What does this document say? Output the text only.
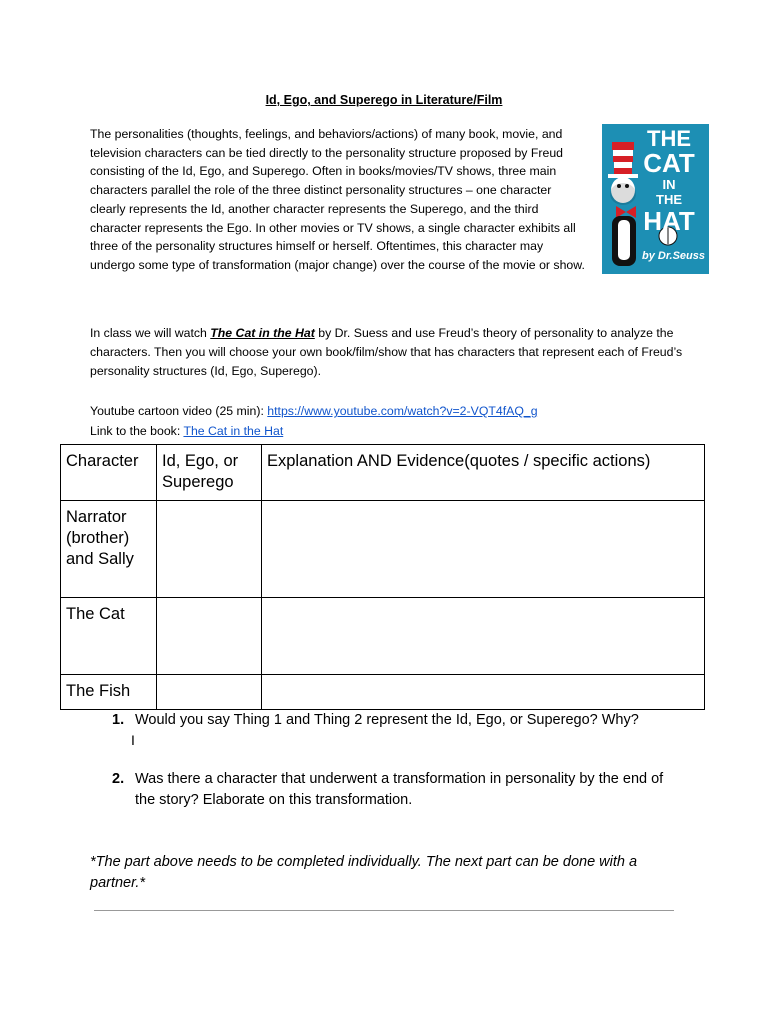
Id, Ego, and Superego in Literature/Film
The personalities (thoughts, feelings, and behaviors/actions) of many book, movie, and television characters can be tied directly to the personality structure proposed by Freud consisting of the Id, Ego, and Superego. Often in books/movies/TV shows, three main characters parallel the role of the three distinct personality structures – one character clearly represents the Id, another character represents the Superego, and the third character represents the Ego. In other movies or TV shows, a single character exhibits all three of the personality structures himself or herself. Oftentimes, this character may undergo some type of transformation (major change) over the course of the movie or show.
THE
CAT
IN
THE
HAT
by Dr.Seuss
In class we will watch The Cat in the Hat by Dr. Suess and use Freud’s theory of personality to analyze the characters. Then you will choose your own book/film/show that has characters that represent each of Freud’s personality structures (Id, Ego, Superego).
Youtube cartoon video (25 min): https://www.youtube.com/watch?v=2-VQT4fAQ_g
Link to the book: The Cat in the Hat
Character	Id, Ego, or Superego	Explanation AND Evidence(quotes / specific actions)
Narrator (brother) and Sally		
The Cat		
The Fish		
1. Would you say Thing 1 and Thing 2 represent the Id, Ego, or Superego? Why?
2. Was there a character that underwent a transformation in personality by the end of the story? Elaborate on this transformation.
I
*The part above needs to be completed individually. The next part can be done with a partner.*
